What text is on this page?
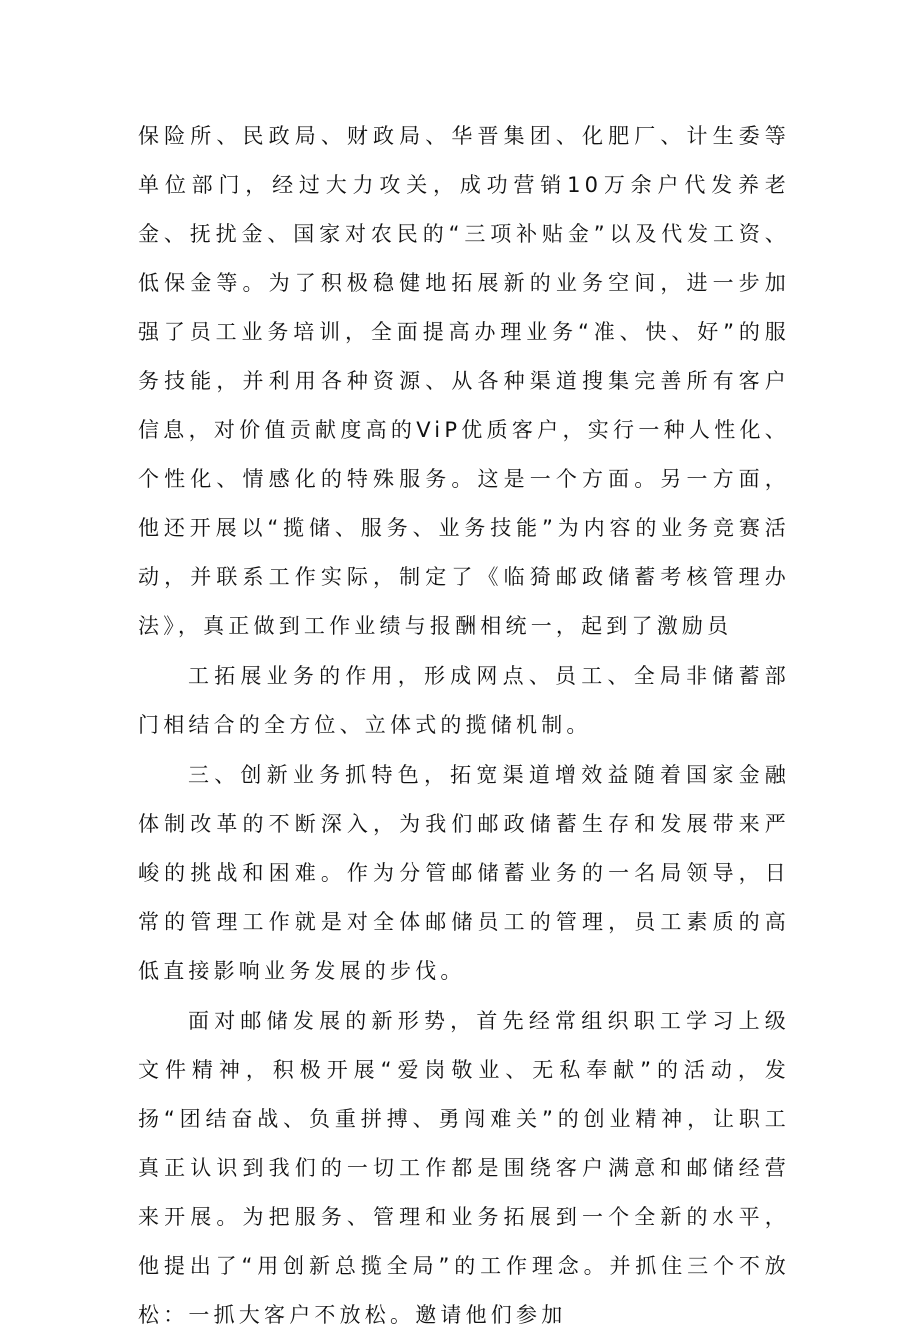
保险所、民政局、财政局、华晋集团、化肥厂、计生委等单位部门，经过大力攻关，成功营销10万余户代发养老金、抚扰金、国家对农民的“三项补贴金”以及代发工资、低保金等。为了积极稳健地拓展新的业务空间，进一步加强了员工业务培训，全面提高办理业务“准、快、好”的服务技能，并利用各种资源、从各种渠道搜集完善所有客户信息，对价值贡献度高的ViP优质客户，实行一种人性化、个性化、情感化的特殊服务。这是一个方面。另一方面，他还开展以“揽储、服务、业务技能”为内容的业务竞赛活动，并联系工作实际，制定了《临猗邮政储蓄考核管理办法》，真正做到工作业绩与报酬相统一，起到了激励员

工拓展业务的作用，形成网点、员工、全局非储蓄部门相结合的全方位、立体式的揽储机制。

三、创新业务抓特色，拓宽渠道增效益随着国家金融体制改革的不断深入，为我们邮政储蓄生存和发展带来严峻的挑战和困难。作为分管邮储蓄业务的一名局领导，日常的管理工作就是对全体邮储员工的管理，员工素质的高低直接影响业务发展的步伐。

面对邮储发展的新形势，首先经常组织职工学习上级文件精神，积极开展“爱岗敬业、无私奉献”的活动，发扬“团结奋战、负重拼搏、勇闯难关”的创业精神，让职工真正认识到我们的一切工作都是围绕客户满意和邮储经营来开展。为把服务、管理和业务拓展到一个全新的水平，他提出了“用创新总揽全局”的工作理念。并抓住三个不放松：一抓大客户不放松。邀请他们参加
